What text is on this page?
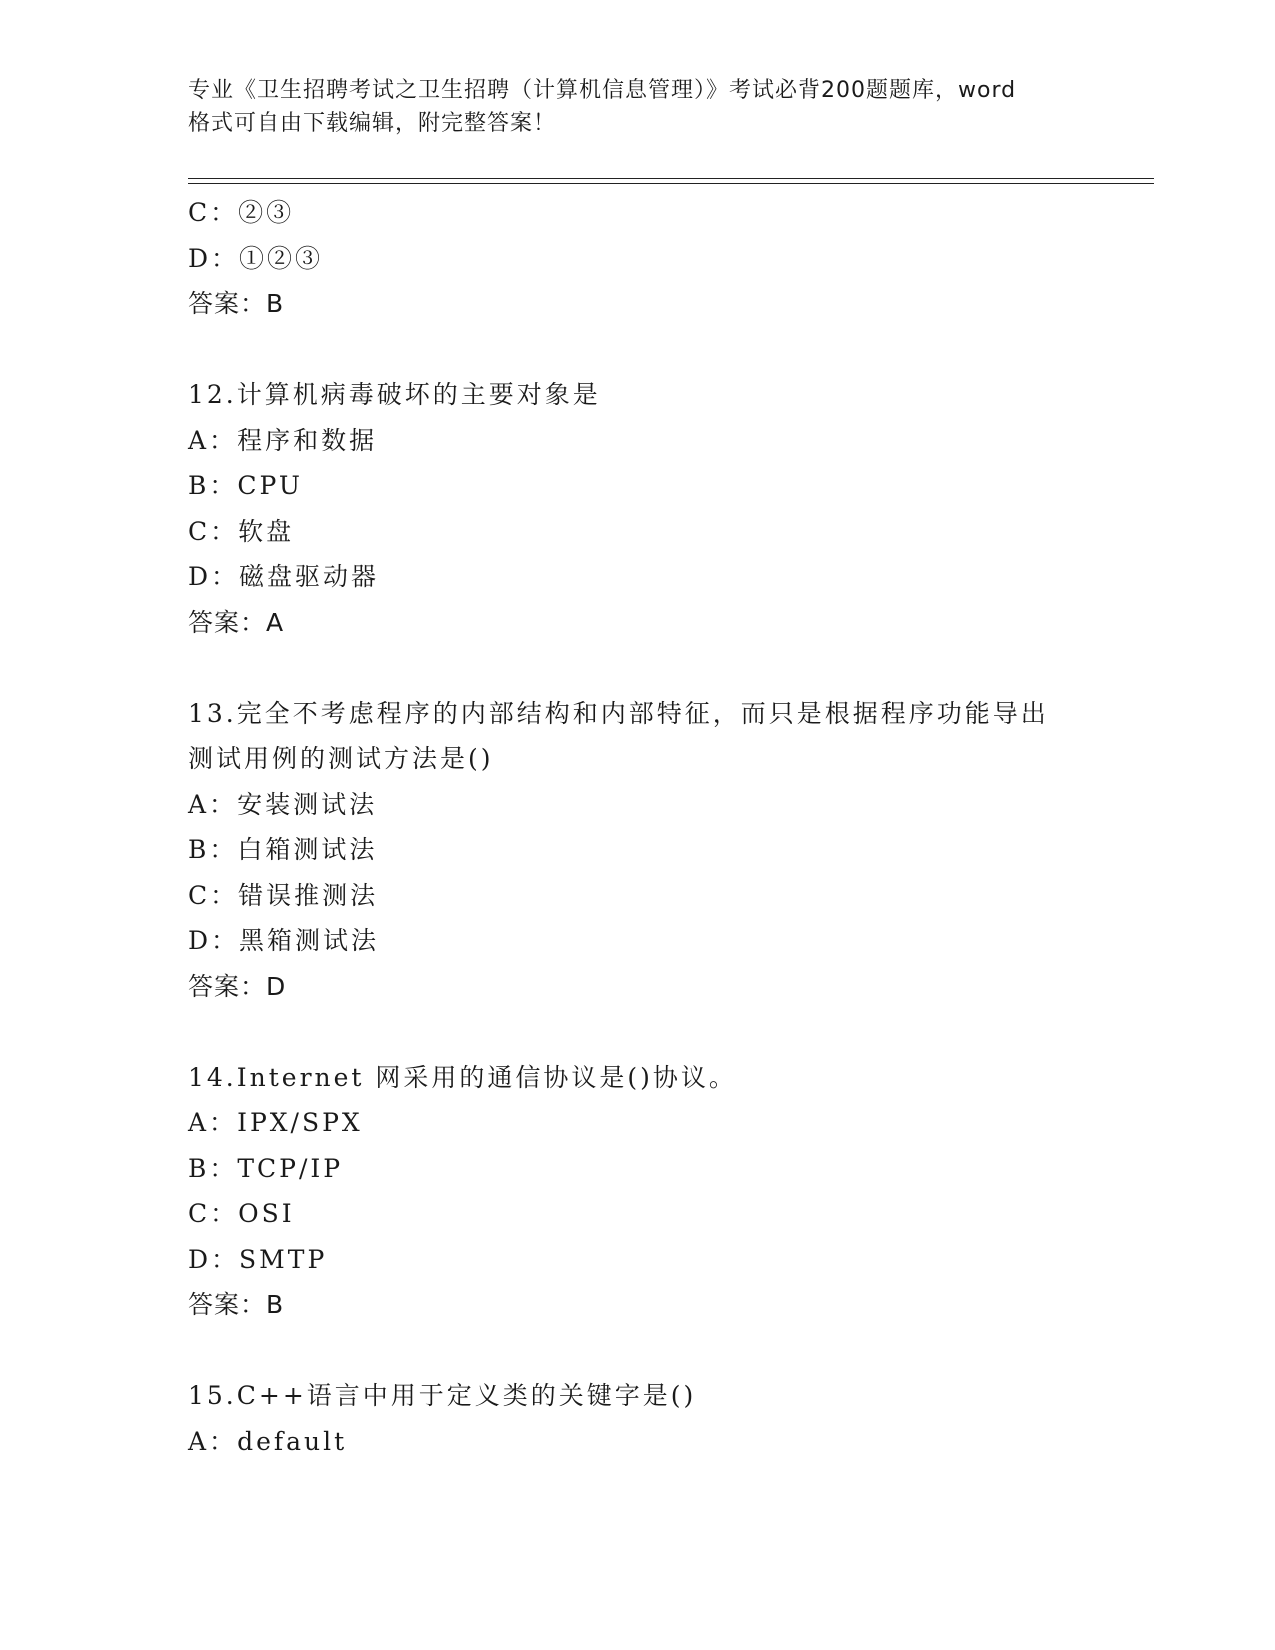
专业《卫生招聘考试之卫生招聘（计算机信息管理）》考试必背200题题库，word
格式可自由下载编辑，附完整答案！
C：②③
D：①②③
答案：B
12.计算机病毒破坏的主要对象是
A：程序和数据
B：CPU
C：软盘
D：磁盘驱动器
答案：A
13.完全不考虑程序的内部结构和内部特征，而只是根据程序功能导出
测试用例的测试方法是()
A：安装测试法
B：白箱测试法
C：错误推测法
D：黑箱测试法
答案：D
14.Internet 网采用的通信协议是()协议。
A：IPX/SPX
B：TCP/IP
C：OSI
D：SMTP
答案：B
15.C++语言中用于定义类的关键字是()
A：default
